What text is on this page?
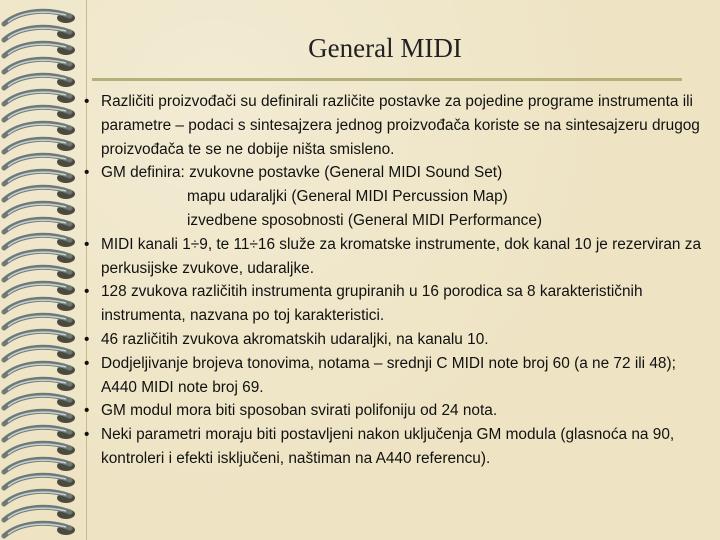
General MIDI
• Različiti proizvođači su definirali različite postavke za pojedine programe instrumenta ili parametre – podaci s sintesajzera jednog proizvođača koriste se na sintesajzeru drugog proizvođača te se ne dobije ništa smisleno.
• GM definira: zvukovne postavke (General MIDI Sound Set)
mapu udaraljki (General MIDI Percussion Map)
izvedbene sposobnosti (General MIDI Performance)
• MIDI kanali 1÷9, te 11÷16 služe za kromatske instrumente, dok kanal 10 je rezerviran za perkusijske zvukove, udaraljke.
• 128 zvukova različitih instrumenta grupiranih u 16 porodica sa 8 karakterističnih instrumenta, nazvana po toj karakteristici.
• 46 različitih zvukova akromatskih udaraljki, na kanalu 10.
• Dodjeljivanje brojeva tonovima, notama – srednji C MIDI note broj 60 (a ne 72 ili 48); A440 MIDI note broj 69.
• GM modul mora biti sposoban svirati polifoniju od 24 nota.
• Neki parametri moraju biti postavljeni nakon uključenja GM modula (glasnoća na 90, kontroleri i efekti isključeni, naštiman na A440 referencu).
